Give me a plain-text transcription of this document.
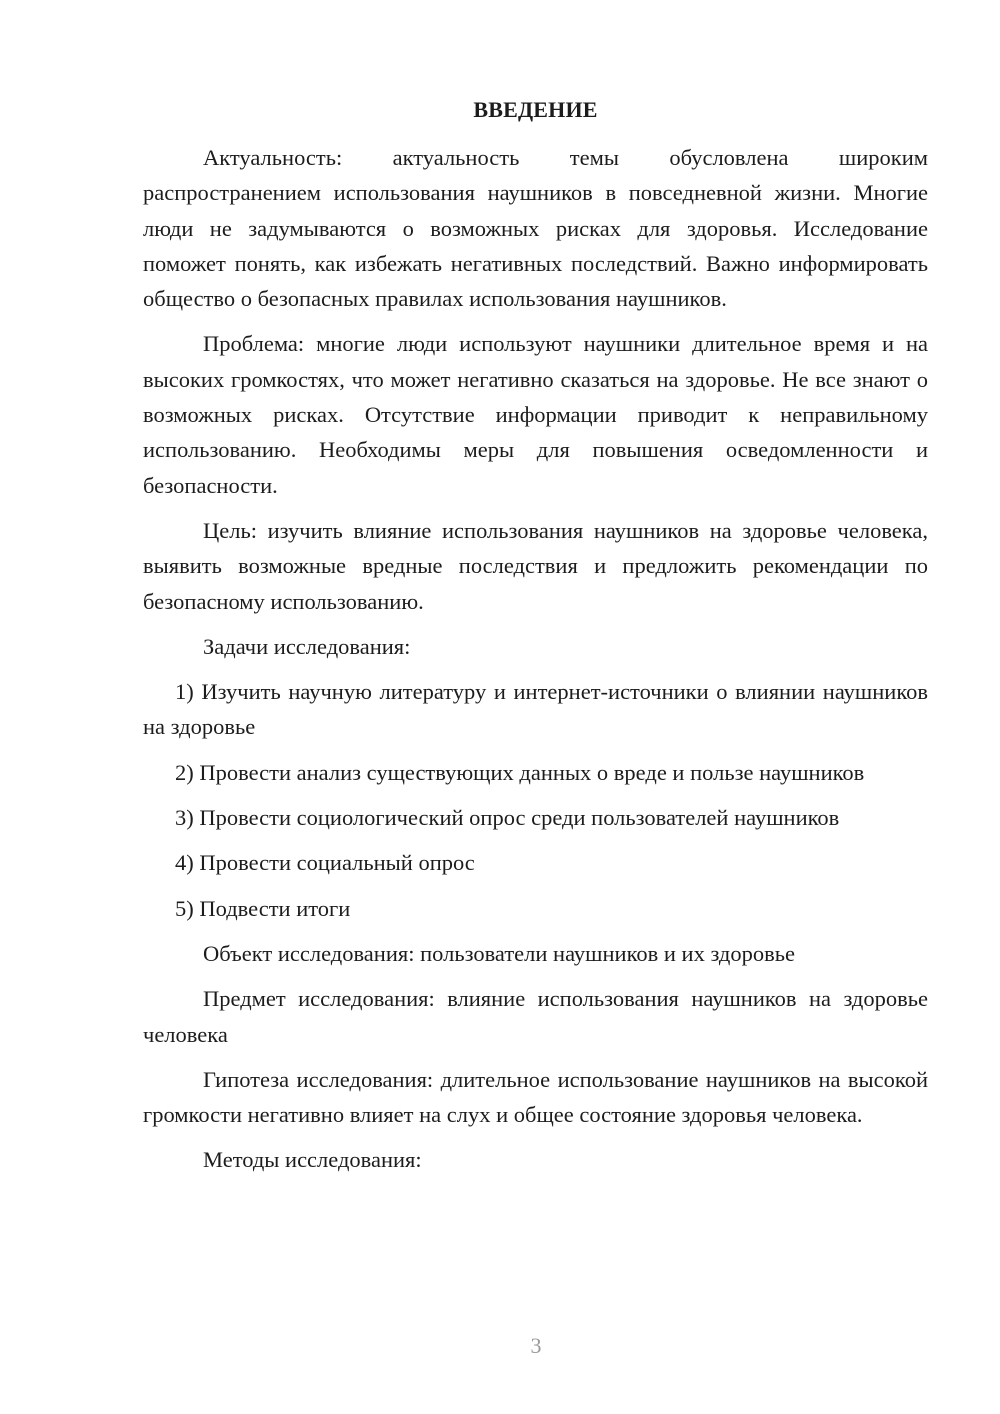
ВВЕДЕНИЕ

Актуальность: актуальность темы обусловлена широким распространением использования наушников в повседневной жизни. Многие люди не задумываются о возможных рисках для здоровья. Исследование поможет понять, как избежать негативных последствий. Важно информировать общество о безопасных правилах использования наушников.

Проблема: многие люди используют наушники длительное время и на высоких громкостях, что может негативно сказаться на здоровье. Не все знают о возможных рисках. Отсутствие информации приводит к неправильному использованию. Необходимы меры для повышения осведомленности и безопасности.

Цель: изучить влияние использования наушников на здоровье человека, выявить возможные вредные последствия и предложить рекомендации по безопасному использованию.

Задачи исследования:

1) Изучить научную литературу и интернет-источники о влиянии наушников на здоровье

2) Провести анализ существующих данных о вреде и пользе наушников

3) Провести социологический опрос среди пользователей наушников

4) Провести социальный опрос

5) Подвести итоги

Объект исследования: пользователи наушников и их здоровье

Предмет исследования: влияние использования наушников на здоровье человека

Гипотеза исследования: длительное использование наушников на высокой громкости негативно влияет на слух и общее состояние здоровья человека.

Методы исследования:

3
